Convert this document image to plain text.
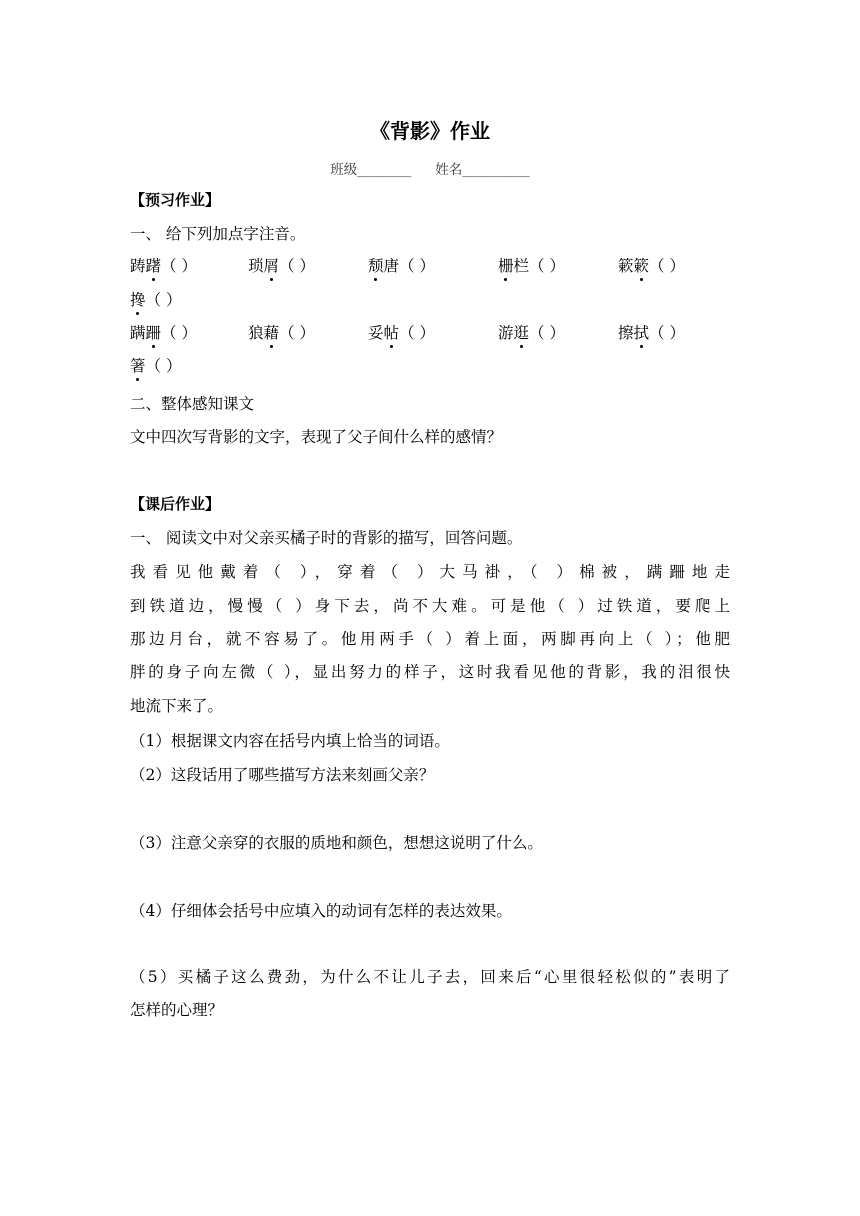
《背影》作业
班级________ 姓名__________
【预习作业】
一、 给下列加点字注音。
踌躇（ ）	琐屑（ ）	颓唐（ ）	栅栏（ ）	簌簌（ ）
搀（ ）
蹒跚（ ）	狼藉（ ）	妥帖（ ）	游逛（ ）	擦拭（ ）
箸（ ）
二、整体感知课文
文中四次写背影的文字，表现了父子间什么样的感情？
【课后作业】
一、 阅读文中对父亲买橘子时的背影的描写，回答问题。
我看见他戴着（ ），穿着（ ）大马褂，（ ）棉被，蹒跚地走
到铁道边，慢慢（ ）身下去，尚不大难。可是他（ ）过铁道，要爬上
那边月台，就不容易了。他用两手（ ）着上面，两脚再向上（ ）；他肥
胖的身子向左微（ ），显出努力的样子，这时我看见他的背影，我的泪很快
地流下来了。
（1）根据课文内容在括号内填上恰当的词语。
（2）这段话用了哪些描写方法来刻画父亲？
（3）注意父亲穿的衣服的质地和颜色，想想这说明了什么。
（4）仔细体会括号中应填入的动词有怎样的表达效果。
（5）买橘子这么费劲，为什么不让儿子去，回来后“心里很轻松似的”表明了
怎样的心理？
